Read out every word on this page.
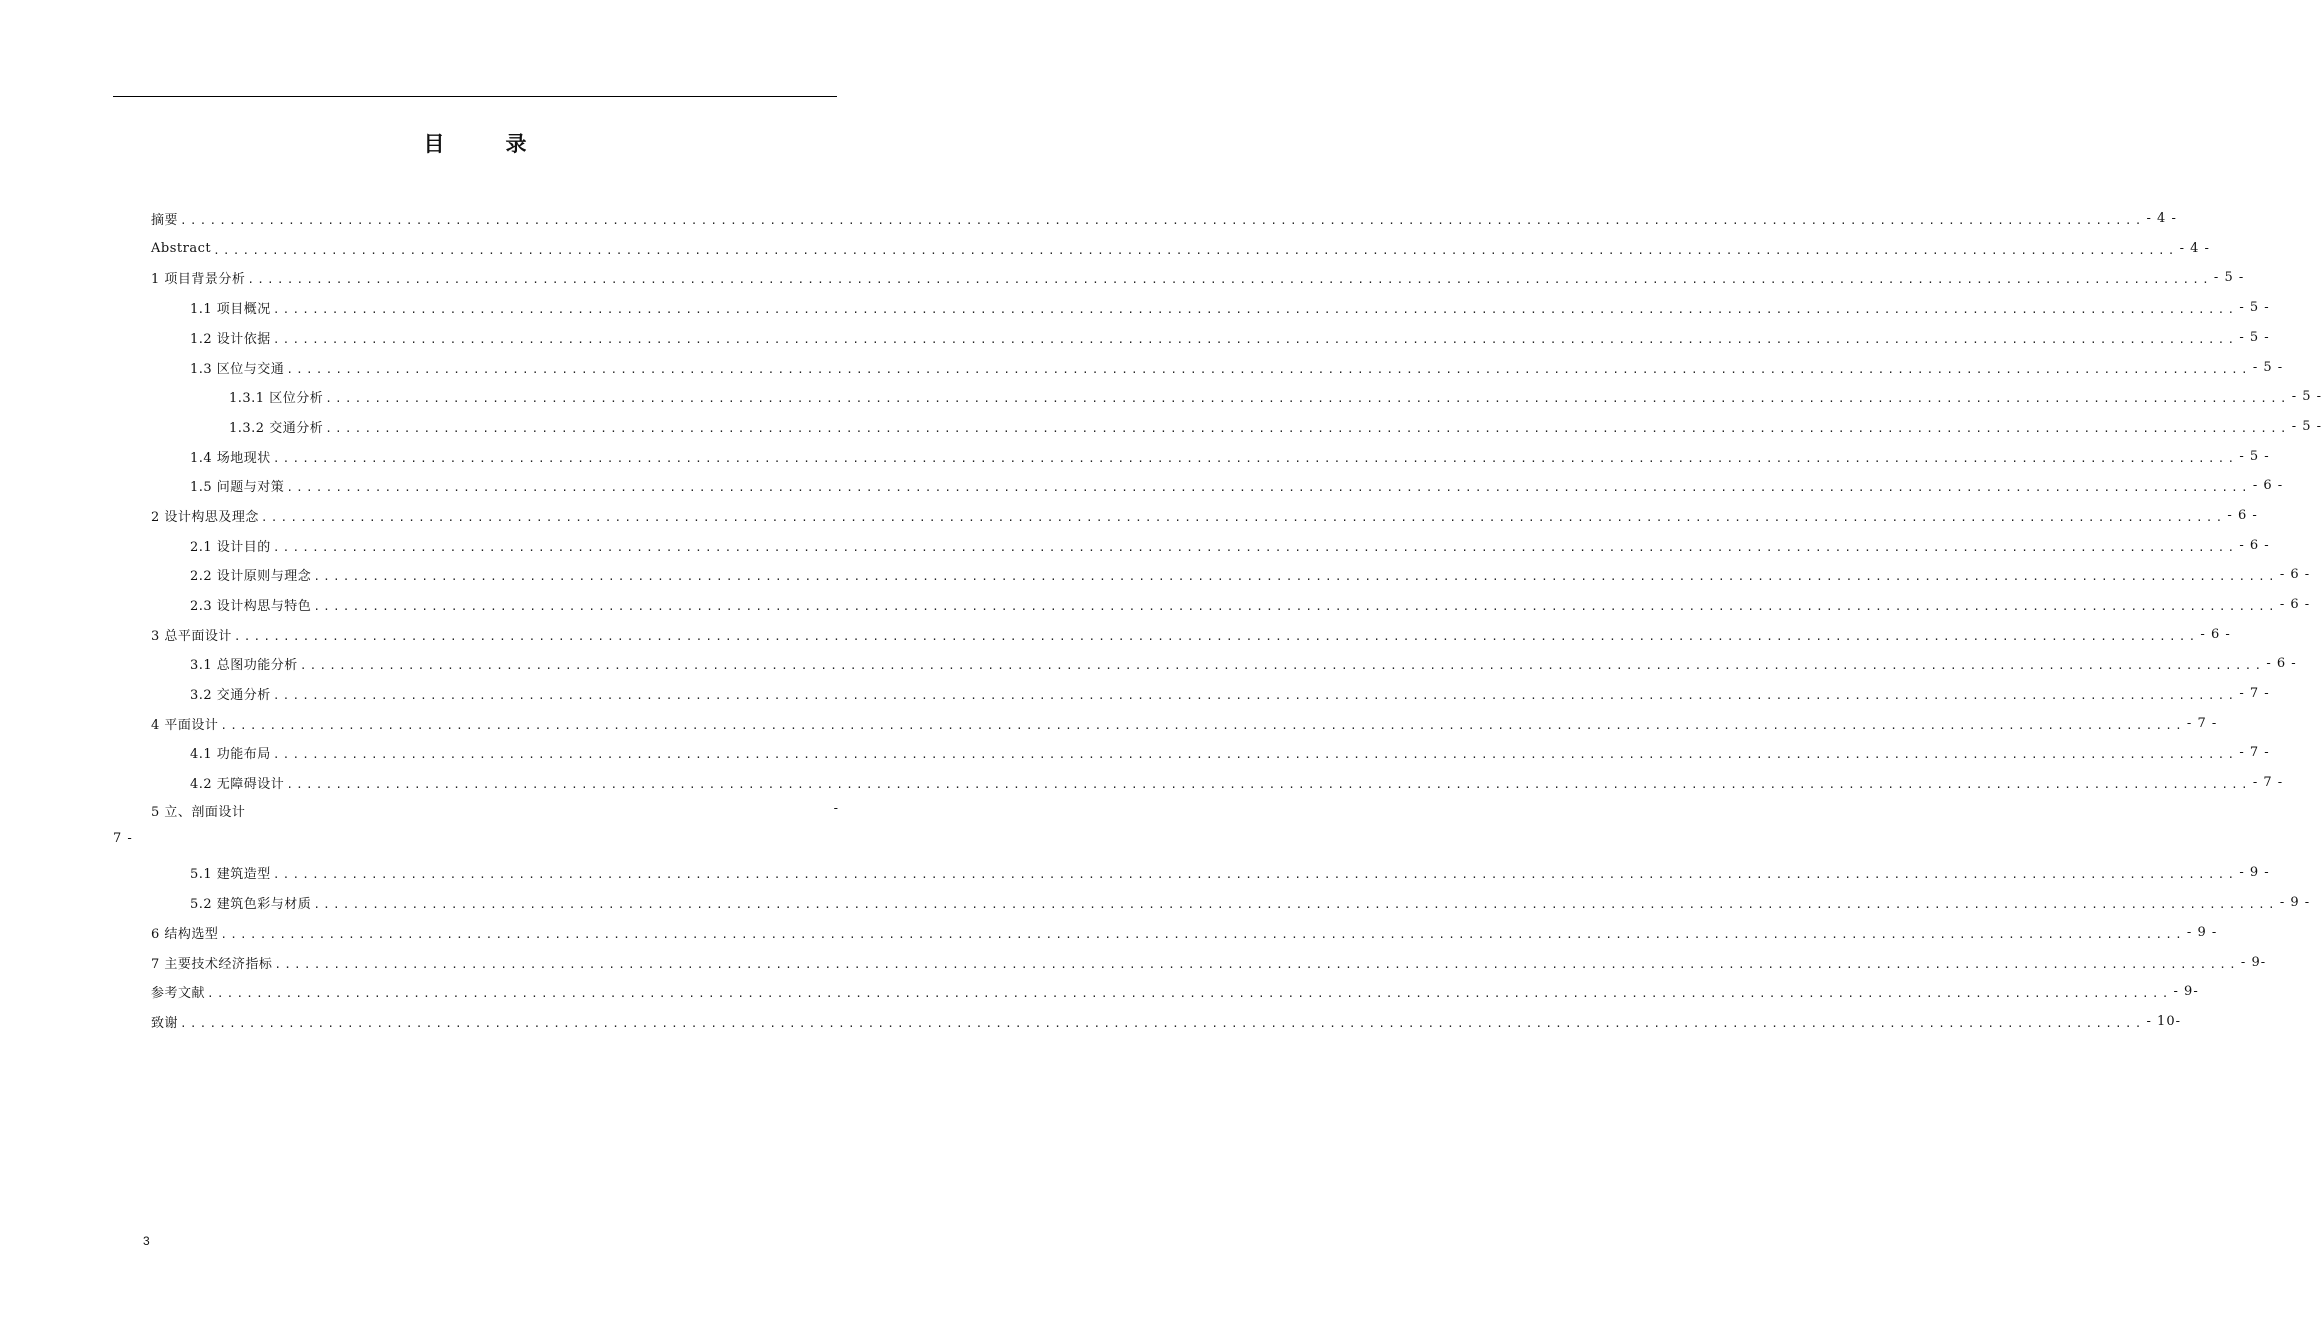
目　录
摘要 ........................................................................................................................................................................................................ - 4 -
Abstract ........................................................................................................................................................................................................ - 4 -
1 项目背景分析 ........................................................................................................................................................................................................ - 5 -
1.1 项目概况 ........................................................................................................................................................................................................ - 5 -
1.2 设计依据 ........................................................................................................................................................................................................ - 5 -
1.3 区位与交通 ........................................................................................................................................................................................................ - 5 -
1.3.1 区位分析 ........................................................................................................................................................................................................ - 5 -
1.3.2 交通分析 ........................................................................................................................................................................................................ - 5 -
1.4 场地现状 ........................................................................................................................................................................................................ - 5 -
1.5 问题与对策 ........................................................................................................................................................................................................ - 6 -
2 设计构思及理念 ........................................................................................................................................................................................................ - 6 -
2.1 设计目的 ........................................................................................................................................................................................................ - 6 -
2.2 设计原则与理念 ........................................................................................................................................................................................................ - 6 -
2.3 设计构思与特色 ........................................................................................................................................................................................................ - 6 -
3 总平面设计 ........................................................................................................................................................................................................ - 6 -
3.1 总图功能分析 ........................................................................................................................................................................................................ - 6 -
3.2 交通分析 ........................................................................................................................................................................................................ - 7 -
4 平面设计 ........................................................................................................................................................................................................ - 7 -
4.1 功能布局 ........................................................................................................................................................................................................ - 7 -
4.2 无障碍设计 ........................................................................................................................................................................................................ - 7 -
5 立、剖面设计	-
7 -
5.1 建筑造型 ........................................................................................................................................................................................................ - 9 -
5.2 建筑色彩与材质 ........................................................................................................................................................................................................ - 9 -
6 结构选型 ........................................................................................................................................................................................................ - 9 -
7 主要技术经济指标 ........................................................................................................................................................................................................ - 9-
参考文献 ........................................................................................................................................................................................................ - 9-
致谢 ........................................................................................................................................................................................................ - 10-
3
